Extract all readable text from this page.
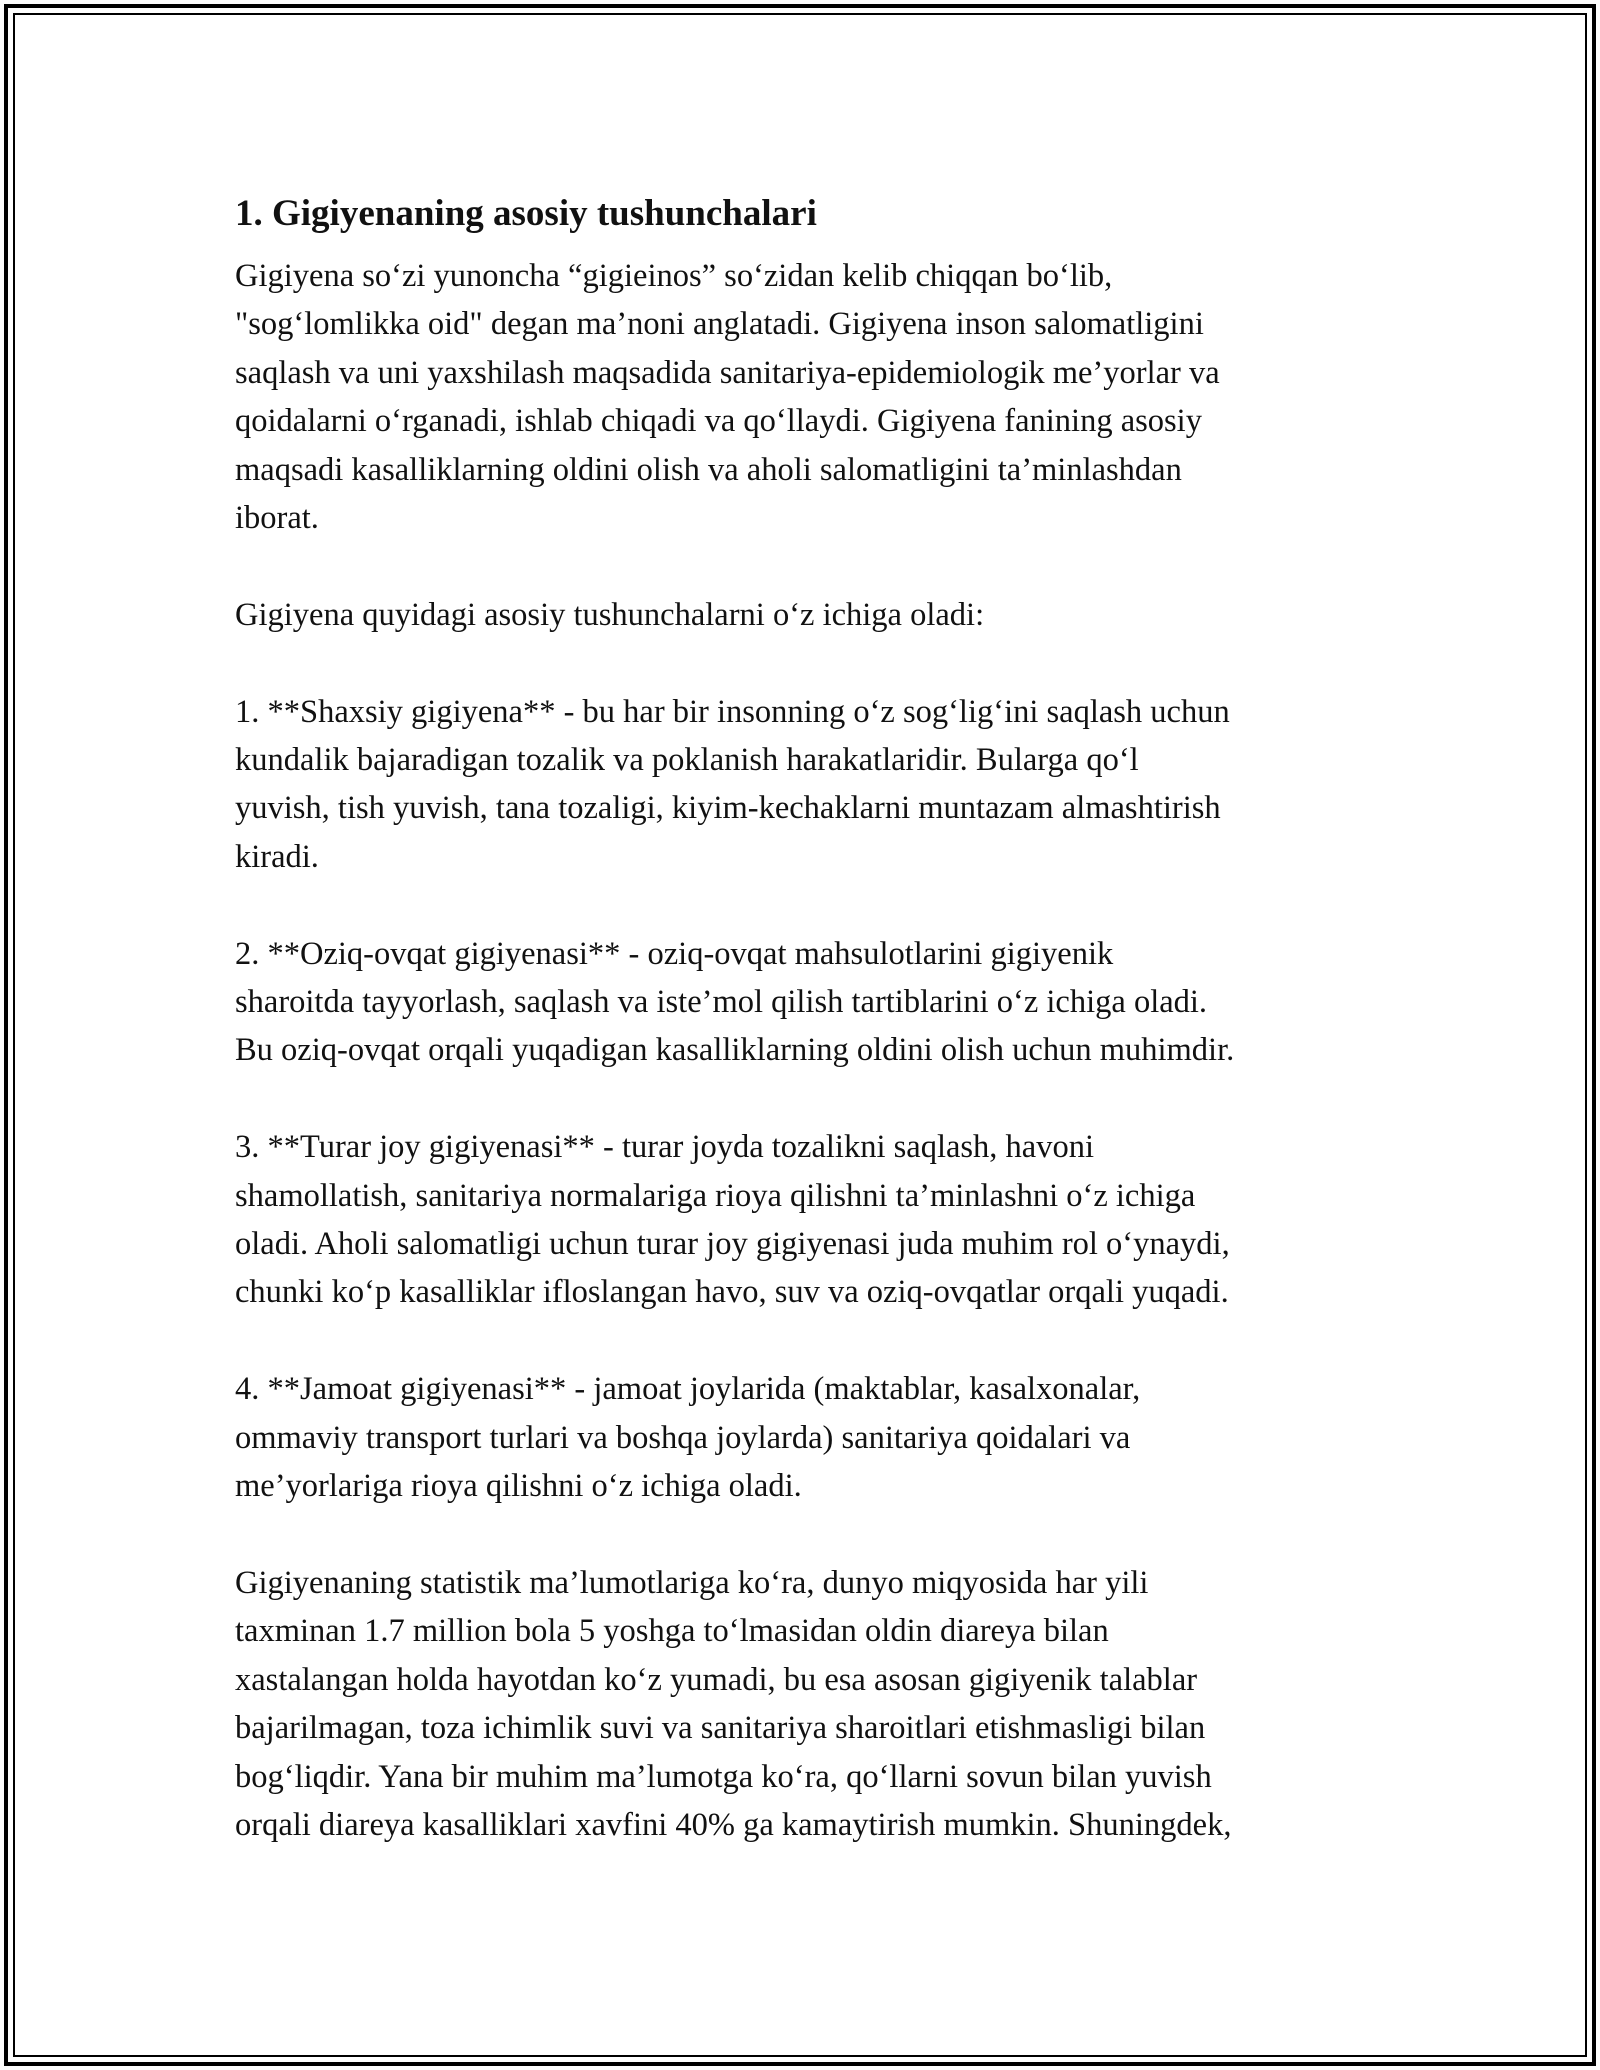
1. Gigiyenaning asosiy tushunchalari

Gigiyena so‘zi yunoncha “gigieinos” so‘zidan kelib chiqqan bo‘lib,
"sog‘lomlikka oid" degan ma’noni anglatadi. Gigiyena inson salomatligini
saqlash va uni yaxshilash maqsadida sanitariya-epidemiologik me’yorlar va
qoidalarni o‘rganadi, ishlab chiqadi va qo‘llaydi. Gigiyena fanining asosiy
maqsadi kasalliklarning oldini olish va aholi salomatligini ta’minlashdan
iborat.

Gigiyena quyidagi asosiy tushunchalarni o‘z ichiga oladi:

1. **Shaxsiy gigiyena** - bu har bir insonning o‘z sog‘lig‘ini saqlash uchun
kundalik bajaradigan tozalik va poklanish harakatlaridir. Bularga qo‘l
yuvish, tish yuvish, tana tozaligi, kiyim-kechaklarni muntazam almashtirish
kiradi.

2. **Oziq-ovqat gigiyenasi** - oziq-ovqat mahsulotlarini gigiyenik
sharoitda tayyorlash, saqlash va iste’mol qilish tartiblarini o‘z ichiga oladi.
Bu oziq-ovqat orqali yuqadigan kasalliklarning oldini olish uchun muhimdir.

3. **Turar joy gigiyenasi** - turar joyda tozalikni saqlash, havoni
shamollatish, sanitariya normalariga rioya qilishni ta’minlashni o‘z ichiga
oladi. Aholi salomatligi uchun turar joy gigiyenasi juda muhim rol o‘ynaydi,
chunki ko‘p kasalliklar ifloslangan havo, suv va oziq-ovqatlar orqali yuqadi.

4. **Jamoat gigiyenasi** - jamoat joylarida (maktablar, kasalxonalar,
ommaviy transport turlari va boshqa joylarda) sanitariya qoidalari va
me’yorlariga rioya qilishni o‘z ichiga oladi.

Gigiyenaning statistik ma’lumotlariga ko‘ra, dunyo miqyosida har yili
taxminan 1.7 million bola 5 yoshga to‘lmasidan oldin diareya bilan
xastalangan holda hayotdan ko‘z yumadi, bu esa asosan gigiyenik talablar
bajarilmagan, toza ichimlik suvi va sanitariya sharoitlari etishmasligi bilan
bog‘liqdir. Yana bir muhim ma’lumotga ko‘ra, qo‘llarni sovun bilan yuvish
orqali diareya kasalliklari xavfini 40% ga kamaytirish mumkin. Shuningdek,
